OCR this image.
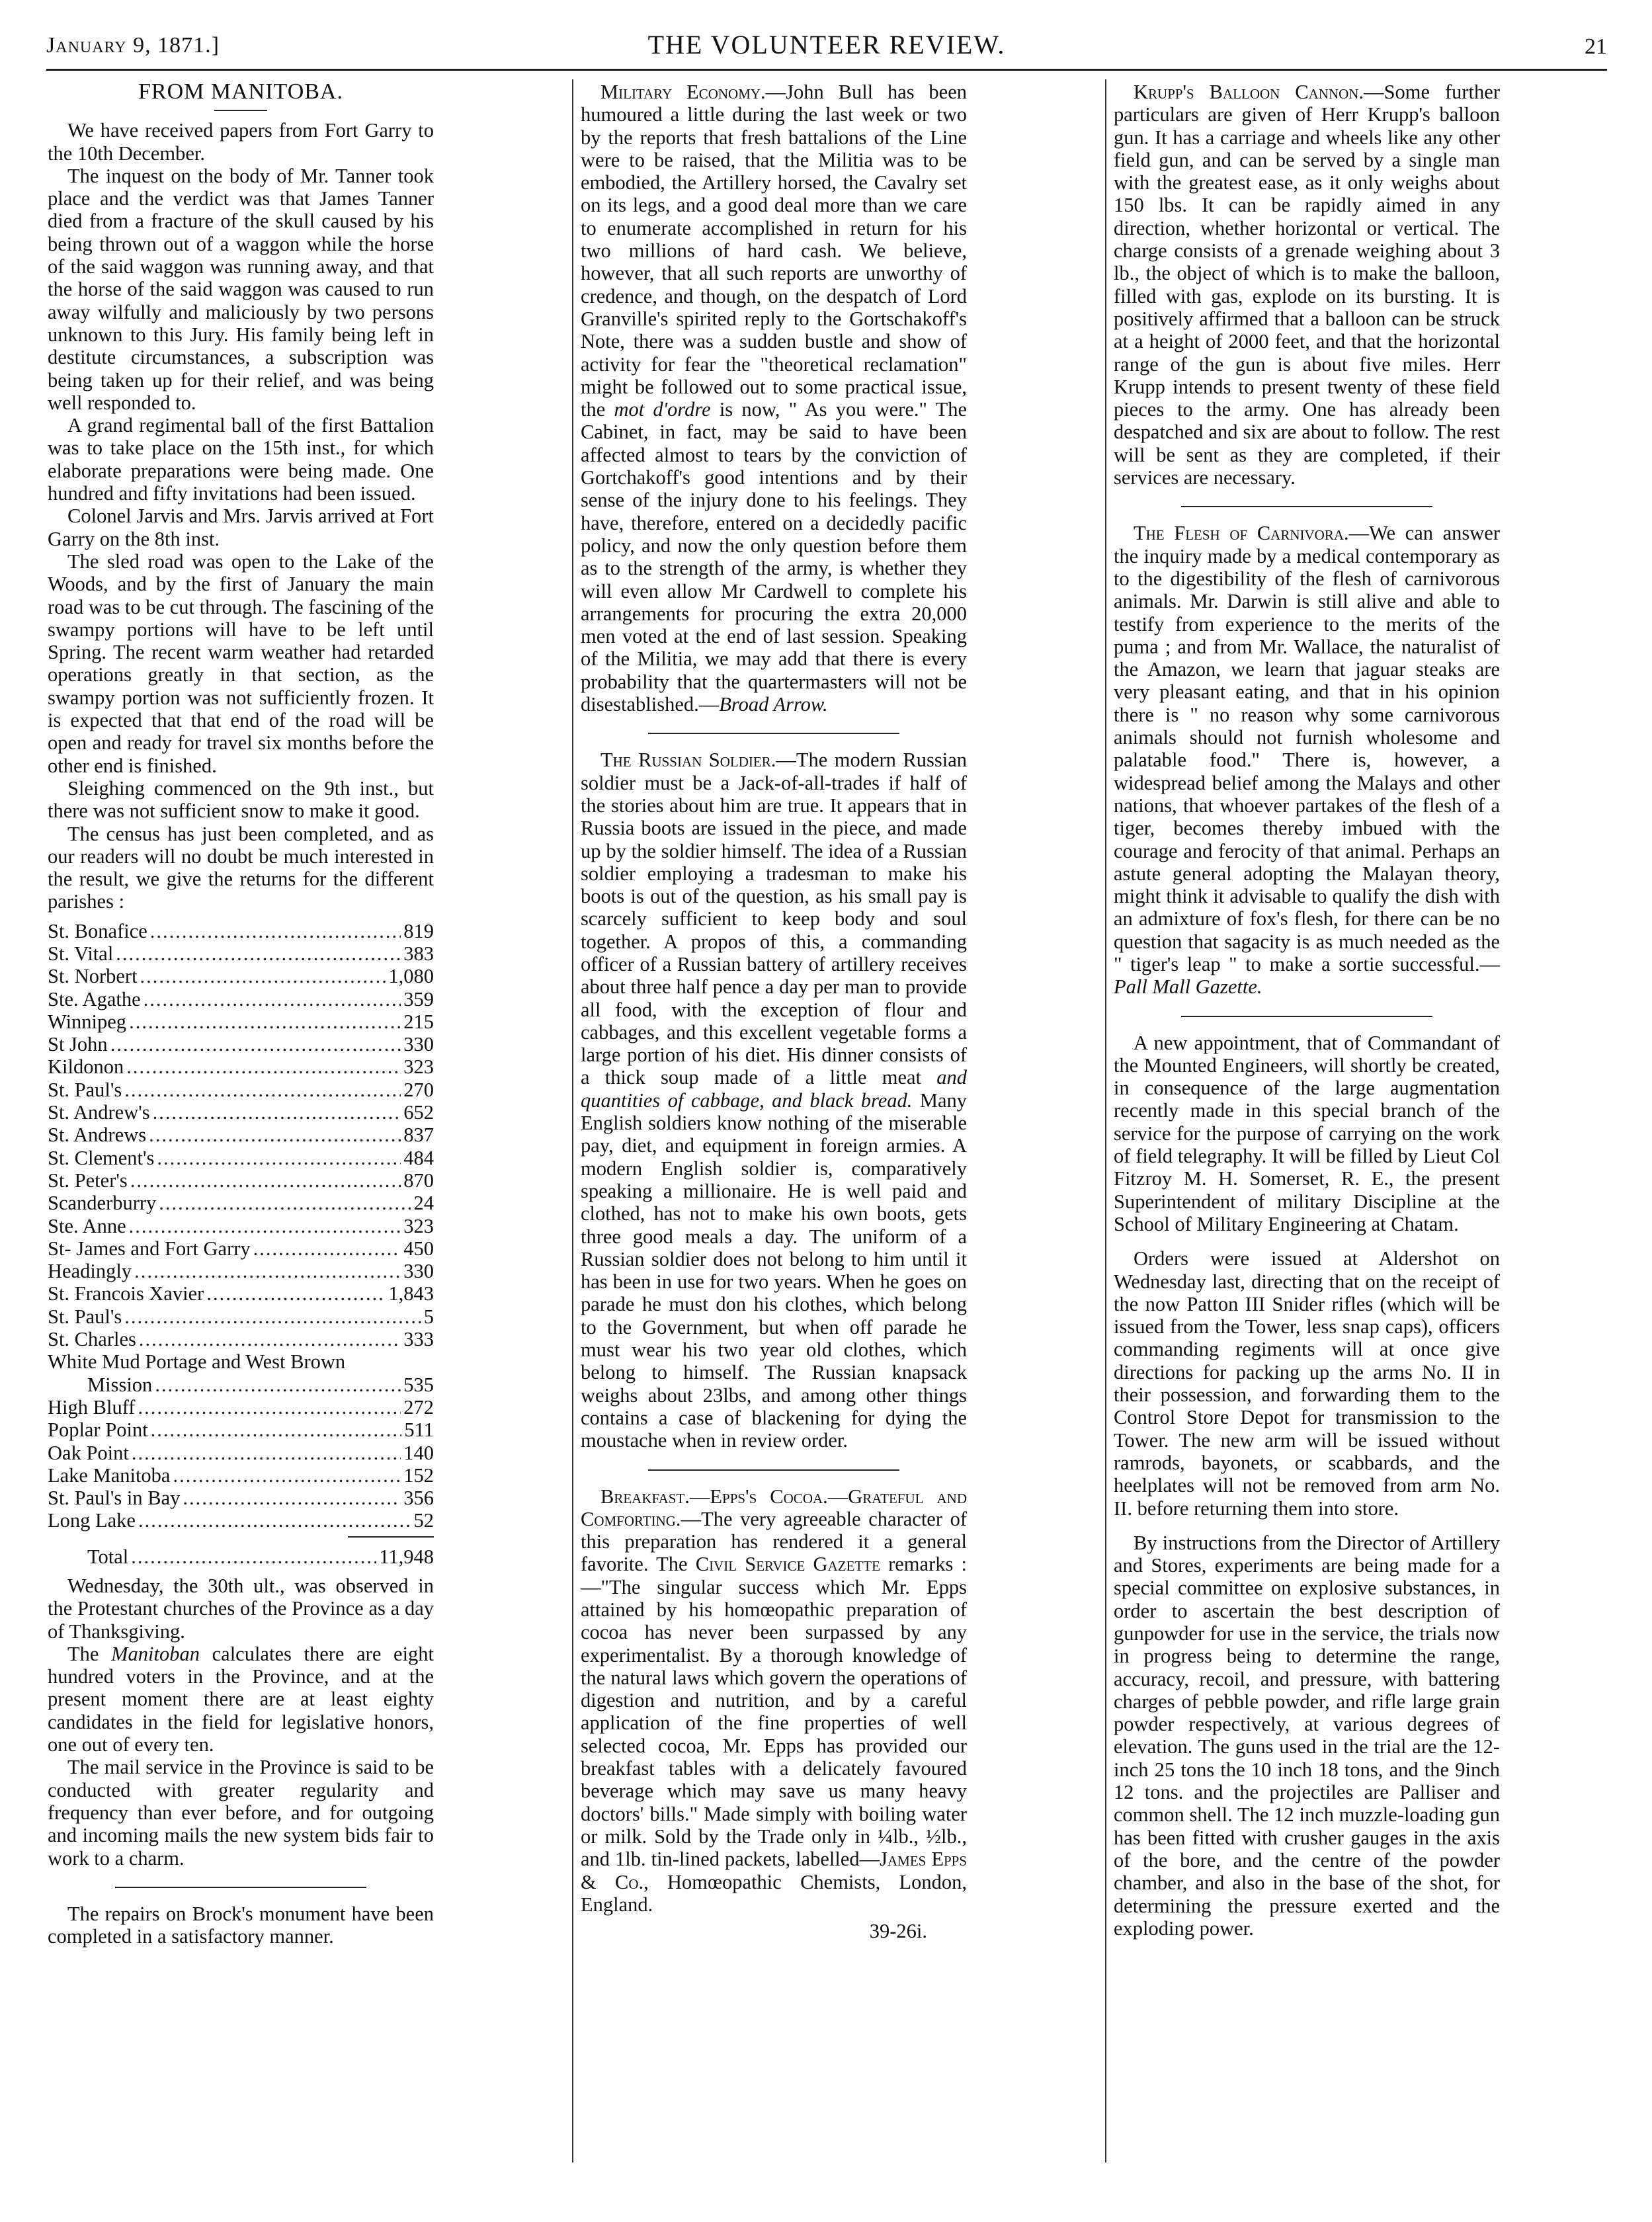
January 9, 1871.]	THE VOLUNTEER REVIEW.	21
FROM MANITOBA.

We have received papers from Fort Garry to the 10th December.

The inquest on the body of Mr. Tanner took place and the verdict was that James Tanner died from a fracture of the skull caused by his being thrown out of a waggon while the horse of the said waggon was running away, and that the horse of the said waggon was caused to run away wilfully and maliciously by two persons unknown to this Jury. His family being left in destitute circumstances, a subscription was being taken up for their relief, and was being well responded to.

A grand regimental ball of the first Battalion was to take place on the 15th inst., for which elaborate preparations were being made. One hundred and fifty invitations had been issued.

Colonel Jarvis and Mrs. Jarvis arrived at Fort Garry on the 8th inst.

The sled road was open to the Lake of the Woods, and by the first of January the main road was to be cut through. The fascining of the swampy portions will have to be left until Spring. The recent warm weather had retarded operations greatly in that section, as the swampy portion was not sufficiently frozen. It is expected that that end of the road will be open and ready for travel six months before the other end is finished.

Sleighing commenced on the 9th inst., but there was not sufficient snow to make it good.

The census has just been completed, and as our readers will no doubt be much interested in the result, we give the returns for the different parishes :

St. Bonafice .....	819
St. Vital .....	383
St. Norbert .....	1,080
Ste. Agathe .....	359
Winnipeg .....	215
St John .....	330
Kildonon .....	323
St. Paul's .....	270
St. Andrew's .....	652
St. Andrews .....	837
St. Clement's .....	484
St. Peter's .....	870
Scanderburry .....	24
Ste. Anne .....	323
St- James and Fort Garry .....	450
Headingly .....	330
St. Francois Xavier .....	1,843
St. Paul's .....	5
St. Charles .....	333
White Mud Portage and West Brown
Mission .....	535
High Bluff .....	272
Poplar Point .....	511
Oak Point .....	140
Lake Manitoba .....	152
St. Paul's in Bay .....	356
Long Lake .....	52
Total .....	11,948

Wednesday, the 30th ult., was observed in the Protestant churches of the Province as a day of Thanksgiving.

The Manitoban calculates there are eight hundred voters in the Province, and at the present moment there are at least eighty candidates in the field for legislative honors, one out of every ten.

The mail service in the Province is said to be conducted with greater regularity and frequency than ever before, and for outgoing and incoming mails the new system bids fair to work to a charm.

The repairs on Brock's monument have been completed in a satisfactory manner.

Military Economy.—John Bull has been humoured a little during the last week or two by the reports that fresh battalions of the Line were to be raised, that the Militia was to be embodied, the Artillery horsed, the Cavalry set on its legs, and a good deal more than we care to enumerate accomplished in return for his two millions of hard cash. We believe, however, that all such reports are unworthy of credence, and though, on the despatch of Lord Granville's spirited reply to the Gortschakoff's Note, there was a sudden bustle and show of activity for fear the "theoretical reclamation" might be followed out to some practical issue, the mot d'ordre is now, " As you were." The Cabinet, in fact, may be said to have been affected almost to tears by the conviction of Gortchakoff's good intentions and by their sense of the injury done to his feelings. They have, therefore, entered on a decidedly pacific policy, and now the only question before them as to the strength of the army, is whether they will even allow Mr Cardwell to complete his arrangements for procuring the extra 20,000 men voted at the end of last session. Speaking of the Militia, we may add that there is every probability that the quartermasters will not be disestablished.—Broad Arrow.

The Russian Soldier.—The modern Russian soldier must be a Jack-of-all-trades if half of the stories about him are true. It appears that in Russia boots are issued in the piece, and made up by the soldier himself. The idea of a Russian soldier employing a tradesman to make his boots is out of the question, as his small pay is scarcely sufficient to keep body and soul together. A propos of this, a commanding officer of a Russian battery of artillery receives about three half pence a day per man to provide all food, with the exception of flour and cabbages, and this excellent vegetable forms a large portion of his diet. His dinner consists of a thick soup made of a little meat and quantities of cabbage, and black bread. Many English soldiers know nothing of the miserable pay, diet, and equipment in foreign armies. A modern English soldier is, comparatively speaking a millionaire. He is well paid and clothed, has not to make his own boots, gets three good meals a day. The uniform of a Russian soldier does not belong to him until it has been in use for two years. When he goes on parade he must don his clothes, which belong to the Government, but when off parade he must wear his two year old clothes, which belong to himself. The Russian knapsack weighs about 23lbs, and among other things contains a case of blackening for dying the moustache when in review order.

Breakfast.—Epps's Cocoa.—Grateful and Comforting.—The very agreeable character of this preparation has rendered it a general favorite. The Civil Service Gazette remarks :—"The singular success which Mr. Epps attained by his homœopathic preparation of cocoa has never been surpassed by any experimentalist. By a thorough knowledge of the natural laws which govern the operations of digestion and nutrition, and by a careful application of the fine properties of well selected cocoa, Mr. Epps has provided our breakfast tables with a delicately favoured beverage which may save us many heavy doctors' bills." Made simply with boiling water or milk. Sold by the Trade only in ¼lb., ½lb., and 1lb. tin-lined packets, labelled—James Epps & Co., Homœopathic Chemists, London, England.

39-26i.

Krupp's Balloon Cannon.—Some further particulars are given of Herr Krupp's balloon gun. It has a carriage and wheels like any other field gun, and can be served by a single man with the greatest ease, as it only weighs about 150 lbs. It can be rapidly aimed in any direction, whether horizontal or vertical. The charge consists of a grenade weighing about 3 lb., the object of which is to make the balloon, filled with gas, explode on its bursting. It is positively affirmed that a balloon can be struck at a height of 2000 feet, and that the horizontal range of the gun is about five miles. Herr Krupp intends to present twenty of these field pieces to the army. One has already been despatched and six are about to follow. The rest will be sent as they are completed, if their services are necessary.

The Flesh of Carnivora.—We can answer the inquiry made by a medical contemporary as to the digestibility of the flesh of carnivorous animals. Mr. Darwin is still alive and able to testify from experience to the merits of the puma ; and from Mr. Wallace, the naturalist of the Amazon, we learn that jaguar steaks are very pleasant eating, and that in his opinion there is " no reason why some carnivorous animals should not furnish wholesome and palatable food." There is, however, a widespread belief among the Malays and other nations, that whoever partakes of the flesh of a tiger, becomes thereby imbued with the courage and ferocity of that animal. Perhaps an astute general adopting the Malayan theory, might think it advisable to qualify the dish with an admixture of fox's flesh, for there can be no question that sagacity is as much needed as the " tiger's leap " to make a sortie successful.—Pall Mall Gazette.

A new appointment, that of Commandant of the Mounted Engineers, will shortly be created, in consequence of the large augmentation recently made in this special branch of the service for the purpose of carrying on the work of field telegraphy. It will be filled by Lieut Col Fitzroy M. H. Somerset, R. E., the present Superintendent of military Discipline at the School of Military Engineering at Chatam.

Orders were issued at Aldershot on Wednesday last, directing that on the receipt of the now Patton III Snider rifles (which will be issued from the Tower, less snap caps), officers commanding regiments will at once give directions for packing up the arms No. II in their possession, and forwarding them to the Control Store Depot for transmission to the Tower. The new arm will be issued without ramrods, bayonets, or scabbards, and the heelplates will not be removed from arm No. II. before returning them into store.

By instructions from the Director of Artillery and Stores, experiments are being made for a special committee on explosive substances, in order to ascertain the best description of gunpowder for use in the service, the trials now in progress being to determine the range, accuracy, recoil, and pressure, with battering charges of pebble powder, and rifle large grain powder respectively, at various degrees of elevation. The guns used in the trial are the 12-inch 25 tons the 10 inch 18 tons, and the 9inch 12 tons. and the projectiles are Palliser and common shell. The 12 inch muzzle-loading gun has been fitted with crusher gauges in the axis of the bore, and the centre of the powder chamber, and also in the base of the shot, for determining the pressure exerted and the exploding power.
